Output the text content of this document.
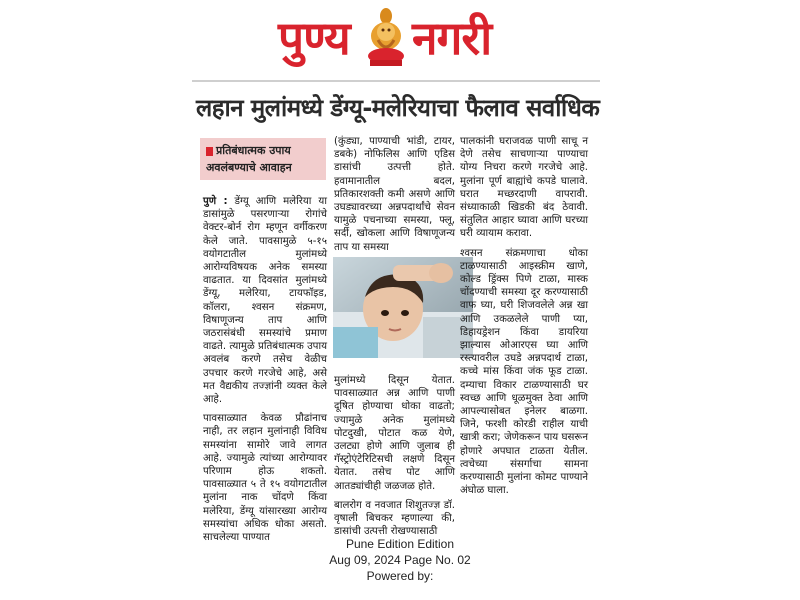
पुण्य नगरी
लहान मुलांमध्ये डेंग्यू-मलेरियाचा फैलाव सर्वाधिक
प्रतिबंधात्मक उपाय
अवलंबण्याचे आवाहन

पुणे : डेंग्यू आणि मलेरिया या डासांमुळे पसरणाऱ्या रोगांचे वेक्टर-बोर्न रोग म्हणून वर्गीकरण केले जाते. पावसामुळे ५-१५ वयोगटातील मुलांमध्ये आरोग्यविषयक अनेक समस्या वाढतात. या दिवसांत मुलांमध्ये डेंग्यू, मलेरिया, टायफॉइड, कॉलरा, श्वसन संक्रमण, विषाणूजन्य ताप आणि जठरासंबंधी समस्यांचे प्रमाण वाढते. त्यामुळे प्रतिबंधात्मक उपाय अवलंब करणे तसेच वेळीच उपचार करणे गरजेचे आहे, असे मत वैद्यकीय तज्ज्ञांनी व्यक्त केले आहे.

पावसाळ्यात केवळ प्रौढांनाच नाही, तर लहान मुलांनाही विविध समस्यांना सामोरे जावे लागत आहे. ज्यामुळे त्यांच्या आरोग्यावर परिणाम होऊ शकतो. पावसाळ्यात ५ ते १५ वयोगटातील मुलांना नाक चोंदणे किंवा मलेरिया, डेंग्यू यांसारख्या आरोग्य समस्यांचा अधिक धोका असतो. साचलेल्या पाण्यात

(कुंड्या, पाण्याची भांडी, टायर, डबके) नोफिलिस आणि एडिस डासांची उत्पत्ती होते. हवामानातील बदल, प्रतिकारशक्ती कमी असणे आणि उघड्यावरच्या अन्नपदार्थांचे सेवन यामुळे पचनाच्या समस्या, फ्लू, सर्दी, खोकला आणि विषाणूजन्य ताप या समस्या

मुलांमध्ये दिसून येतात. पावसाळ्यात अन्न आणि पाणी दूषित होण्याचा धोका वाढतो; ज्यामुळे अनेक मुलांमध्ये पोटदुखी, पोटात कळ येणे, उलट्या होणे आणि जुलाब ही गॅस्ट्रोएंटेरिटिसची लक्षणे दिसून येतात. तसेच पोट आणि आतड्यांचीही जळजळ होते.

बालरोग व नवजात शिशुतज्ज्ञ डॉ. वृषाली बिचकर म्हणाल्या की, डासांची उत्पत्ती रोखण्यासाठी

पालकांनी घराजवळ पाणी साचू न देणे तसेच साचणाऱ्या पाण्याचा योग्य निचरा करणे गरजेचे आहे. मुलांना पूर्ण बाह्यांचे कपडे घालावे. घरात मच्छरदाणी वापरावी. संध्याकाळी खिडकी बंद ठेवावी. संतुलित आहार घ्यावा आणि घरच्या घरी व्यायाम करावा.

श्वसन संक्रमणाचा धोका टाळण्यासाठी आइस्क्रीम खाणे, कोल्ड ड्रिंक्स पिणे टाळा, मास्क चोंदण्याची समस्या दूर करण्यासाठी वाफ घ्या, घरी शिजवलेले अन्न खा आणि उकळलेले पाणी प्या, डिहायड्रेशन किंवा डायरिया झाल्यास ओआरएस घ्या आणि रस्त्यावरील उघडे अन्नपदार्थ टाळा, कच्चे मांस किंवा जंक फूड टाळा. दम्याचा विकार टाळण्यासाठी घर स्वच्छ आणि धूळमुक्त ठेवा आणि आपल्यासोबत इनेलर बाळगा. जिने, फरशी कोरडी राहील याची खात्री करा; जेणेकरून पाय घसरून होणारे अपघात टाळता येतील. त्वचेच्या संसर्गाचा सामना करण्यासाठी मुलांना कोमट पाण्याने अंघोळ घाला.

Pune Edition Edition
Aug 09, 2024 Page No. 02
Powered by:
